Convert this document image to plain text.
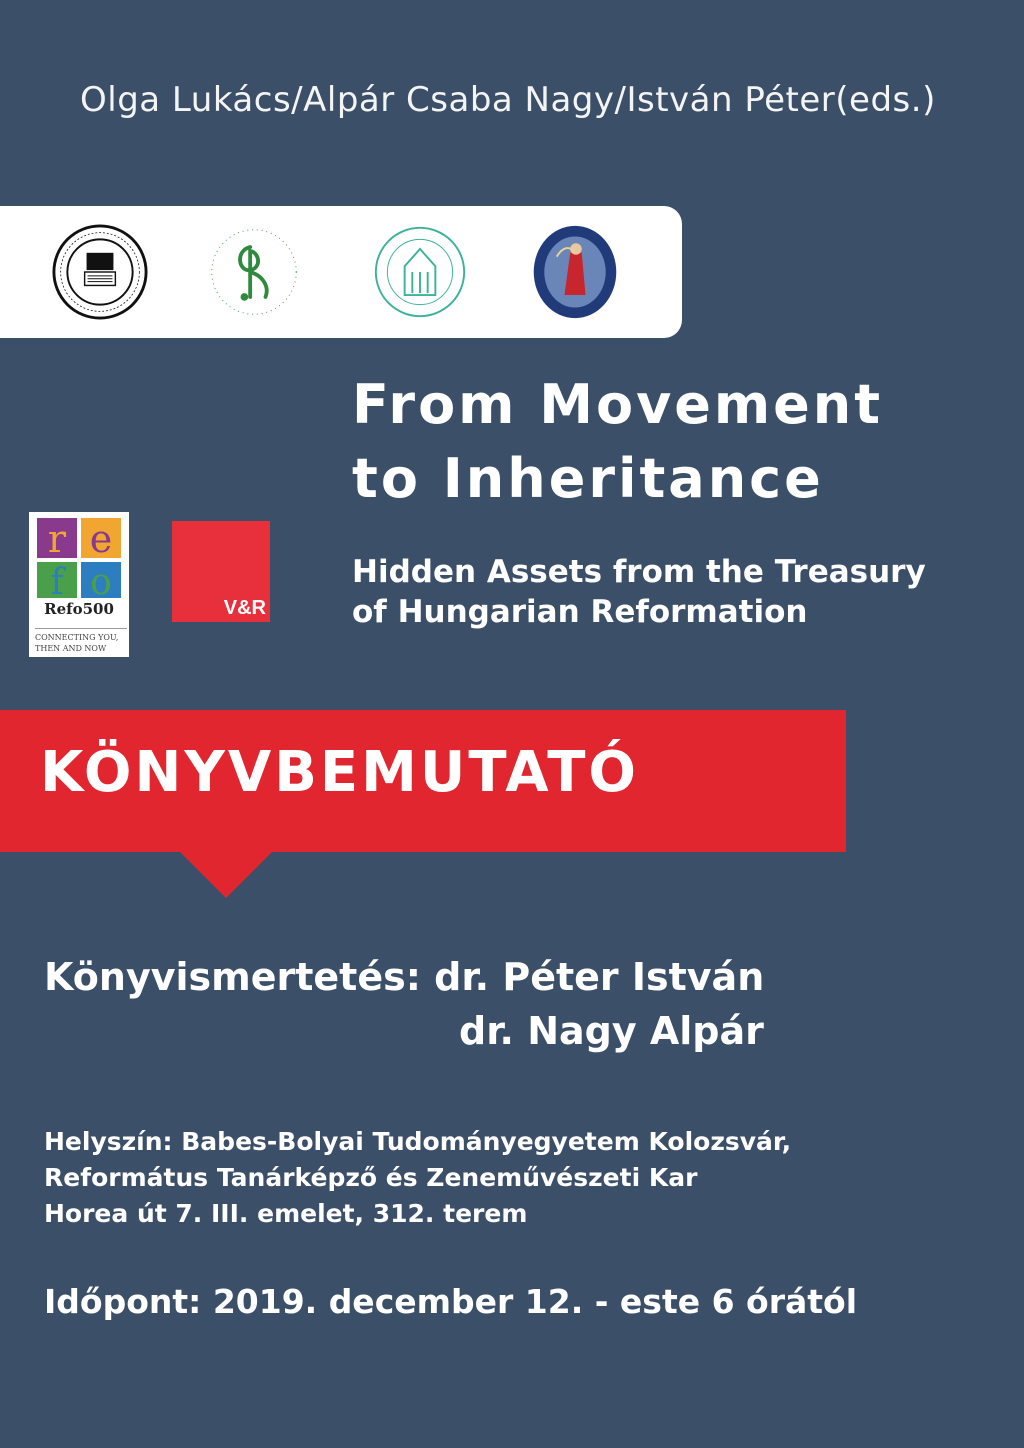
Olga Lukács/Alpár Csaba Nagy/István Péter(eds.)
From Movement
to Inheritance
Hidden Assets from the Treasury
of Hungarian Reformation
r e
f o
Refo500
CONNECTING YOU,
THEN AND NOW
V&R
KÖNYVBEMUTATÓ
Könyvismertetés: dr. Péter István
dr. Nagy Alpár
Helyszín: Babes-Bolyai Tudományegyetem Kolozsvár,
Református Tanárképző és Zeneművészeti Kar
Horea út 7. III. emelet, 312. terem
Időpont: 2019. december 12. - este 6 órától
